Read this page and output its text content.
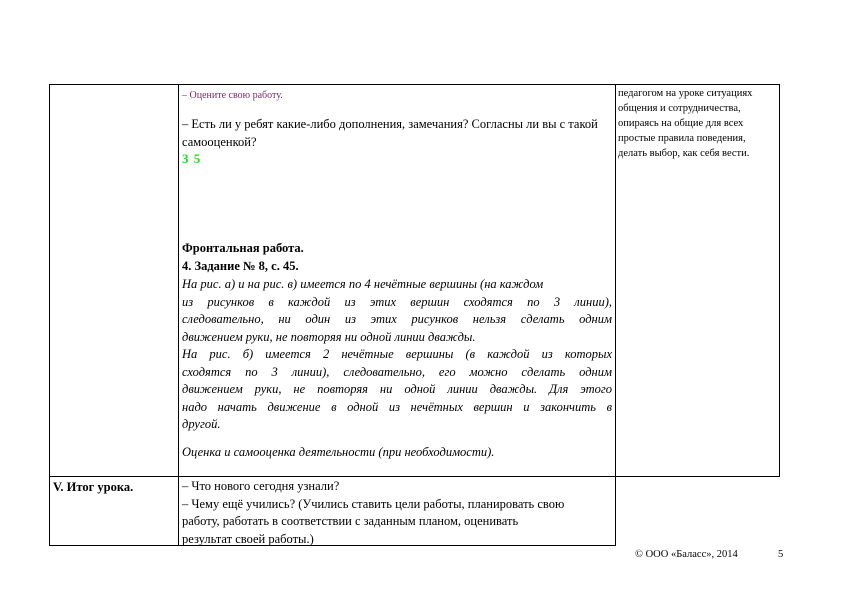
– Оцените свою работу.
– Есть ли у ребят какие-либо дополнения, замечания? Согласны ли вы с такой самооценкой?
3 5
Фронтальная работа.
4. Задание № 8, с. 45.

На рис. а) и на рис. в) имеется по 4 нечётные вершины (на каждом

из рисунков в каждой из этих вершин сходятся по 3 линии),

следовательно, ни один из этих рисунков нельзя сделать одним

движением руки, не повторяя ни одной линии дважды.

На рис. б) имеется 2 нечётные вершины (в каждой из которых

сходятся по 3 линии), следовательно, его можно сделать одним

движением руки, не повторяя ни одной линии дважды. Для этого

надо начать движение в одной из нечётных вершин и закончить в

другой.

Оценка и самооценка деятельности (при необходимости).

педагогом на уроке ситуациях

общения и сотрудничества,

опираясь на общие для всех

простые правила поведения,

делать выбор, как себя вести.

V. Итог урока.	– Что нового сегодня узнали?

– Чему ещё учились? (Учились ставить цели работы, планировать свою

работу, работать в соответствии с заданным планом, оценивать

результат своей работы.)

© ООО «Баласс», 2014	5
